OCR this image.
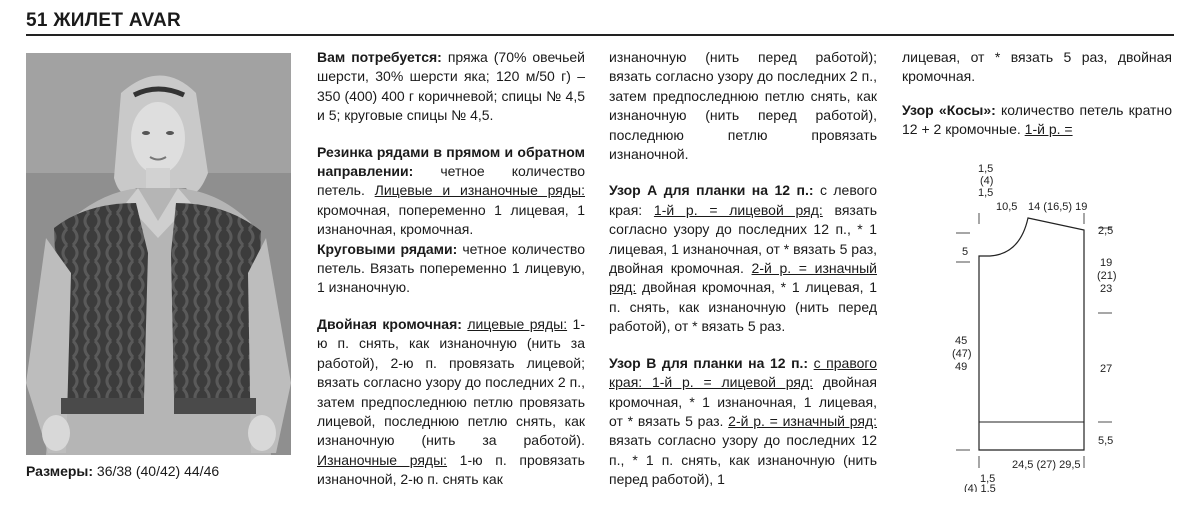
51 ЖИЛЕТ AVAR
Размеры: 36/38 (40/42) 44/46

Вам потребуется: пряжа (70% овечьей шерсти, 30% шерсти яка; 120 м/50 г) – 350 (400) 400 г коричневой; спицы № 4,5 и 5; круговые спицы № 4,5.

Резинка рядами в прямом и обратном направлении: четное количество петель. Лицевые и изнаночные ряды: кромочная, попеременно 1 лицевая, 1 изнаночная, кромочная.

Круговыми рядами: четное количество петель. Вязать попеременно 1 лицевую, 1 изнаночную.

Двойная кромочная: лицевые ряды: 1-ю п. снять, как изнаночную (нить за работой), 2-ю п. провязать лицевой; вязать согласно узору до последних 2 п., затем предпоследнюю петлю провязать лицевой, последнюю петлю снять, как изнаночную (нить за работой). Изнаночные ряды: 1-ю п. провязать изнаночной, 2-ю п. снять как

изнаночную (нить перед работой); вязать согласно узору до последних 2 п., затем предпоследнюю петлю снять, как изнаночную (нить перед работой), последнюю петлю провязать изнаночной.

Узор А для планки на 12 п.: с левого края: 1-й р. = лицевой ряд: вязать согласно узору до последних 12 п., * 1 лицевая, 1 изнаночная, от * вязать 5 раз, двойная кромочная. 2-й р. = изначный ряд: двойная кромочная, * 1 лицевая, 1 п. снять, как изнаночную (нить перед работой), от * вязать 5 раз.

Узор В для планки на 12 п.: с правого края: 1-й р. = лицевой ряд: двойная кромочная, * 1 изнаночная, 1 лицевая, от * вязать 5 раз. 2-й р. = изначный ряд: вязать согласно узору до последних 12 п., * 1 п. снять, как изнаночную (нить перед работой), 1

лицевая, от * вязать 5 раз, двойная кромочная.

Узор «Косы»: количество петель кратно 12 + 2 кромочные. 1-й р. =

1,5
(4)
1,5
10,5 14 (16,5) 19
2,5
5
19
(21)
23
45
(47)
49	27
5,5
24,5 (27) 29,5
1,5
(4) 1,5
